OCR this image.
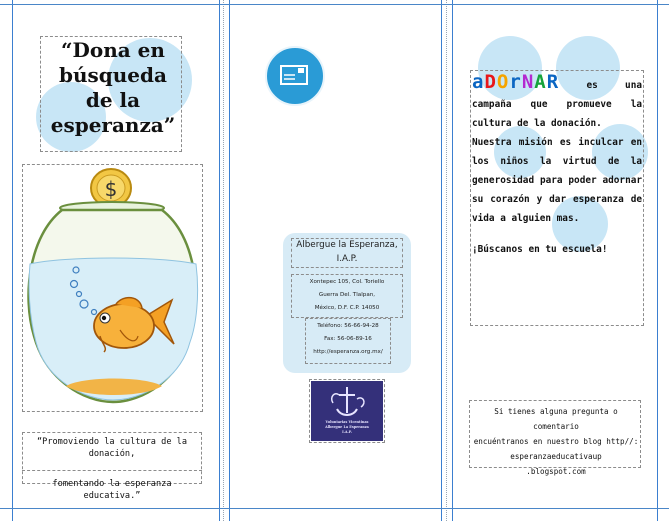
“Dona en
búsqueda
de la
esperanza”
$
“Promoviendo la cultura de la donación,
fomentando la esperanza educativa.”
Albergue la Esperanza, I.A.P.
Xontepec 105, Col. Toriello
Guerra Del. Tlalpan,
México, D.F. C.P. 14050
Teléfono: 56-66-94-28
Fax: 56-06-89-16
http://esperanza.org.mx/
Voluntarias Vicentinas
Albergue La Esperanza
I.A.P.
aDOrNAR	es una campaña que promueve la cultura de la donación.
Nuestra misión es inculcar en los niños la virtud de la generosidad para poder adornar su corazón y dar esperanza de vida a alguien mas.
¡Búscanos en tu escuela!
Si tienes alguna pregunta o comentario
encuéntranos en nuestro blog http//:
esperanzaeducativaup
.blogspot.com
